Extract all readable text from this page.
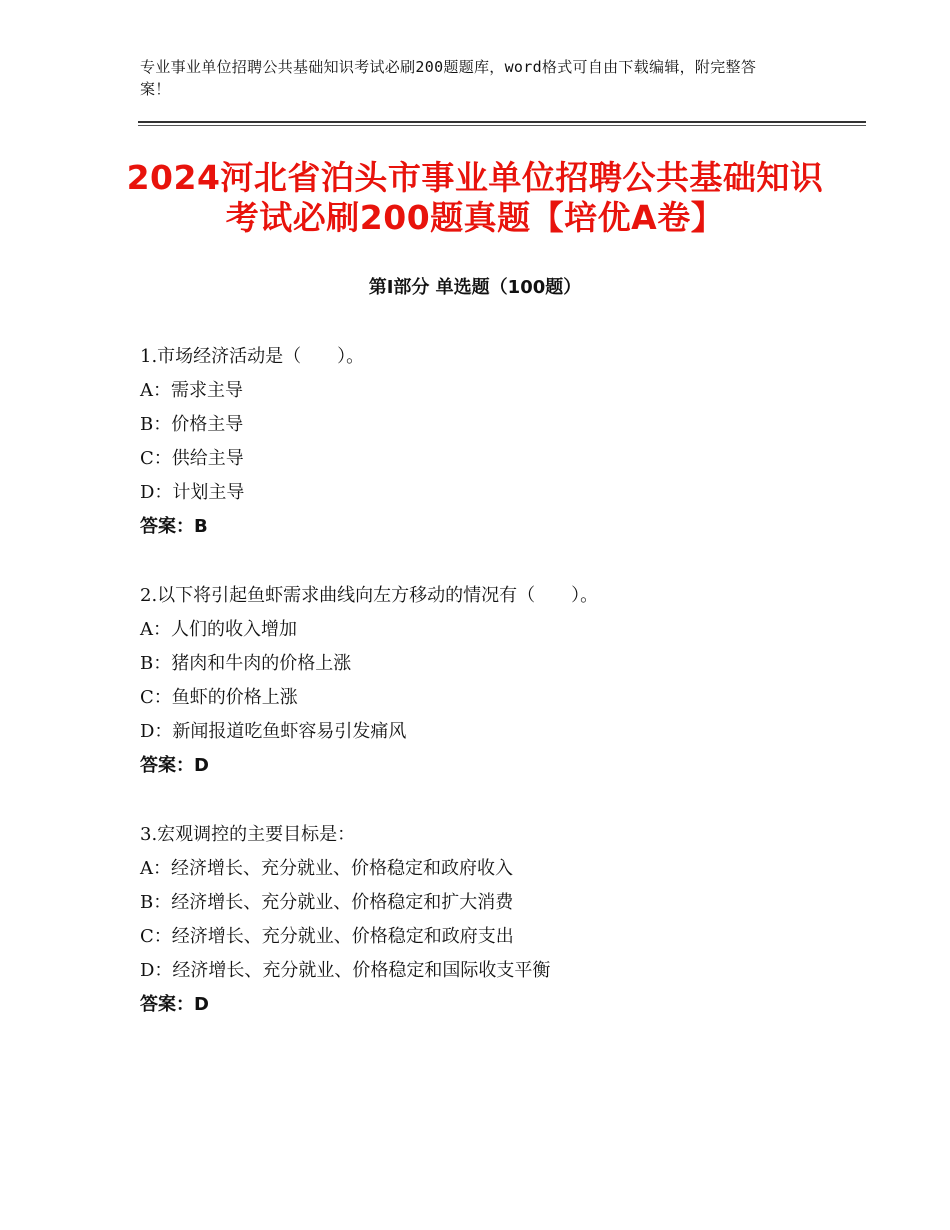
专业事业单位招聘公共基础知识考试必刷200题题库，word格式可自由下载编辑，附完整答案！
2024河北省泊头市事业单位招聘公共基础知识考试必刷200题真题【培优A卷】
第Ⅰ部分 单选题（100题）
1.市场经济活动是（　　）。
A：需求主导
B：价格主导
C：供给主导
D：计划主导
答案：B
2.以下将引起鱼虾需求曲线向左方移动的情况有（　　）。
A：人们的收入增加
B：猪肉和牛肉的价格上涨
C：鱼虾的价格上涨
D：新闻报道吃鱼虾容易引发痛风
答案：D
3.宏观调控的主要目标是：
A：经济增长、充分就业、价格稳定和政府收入
B：经济增长、充分就业、价格稳定和扩大消费
C：经济增长、充分就业、价格稳定和政府支出
D：经济增长、充分就业、价格稳定和国际收支平衡
答案：D
